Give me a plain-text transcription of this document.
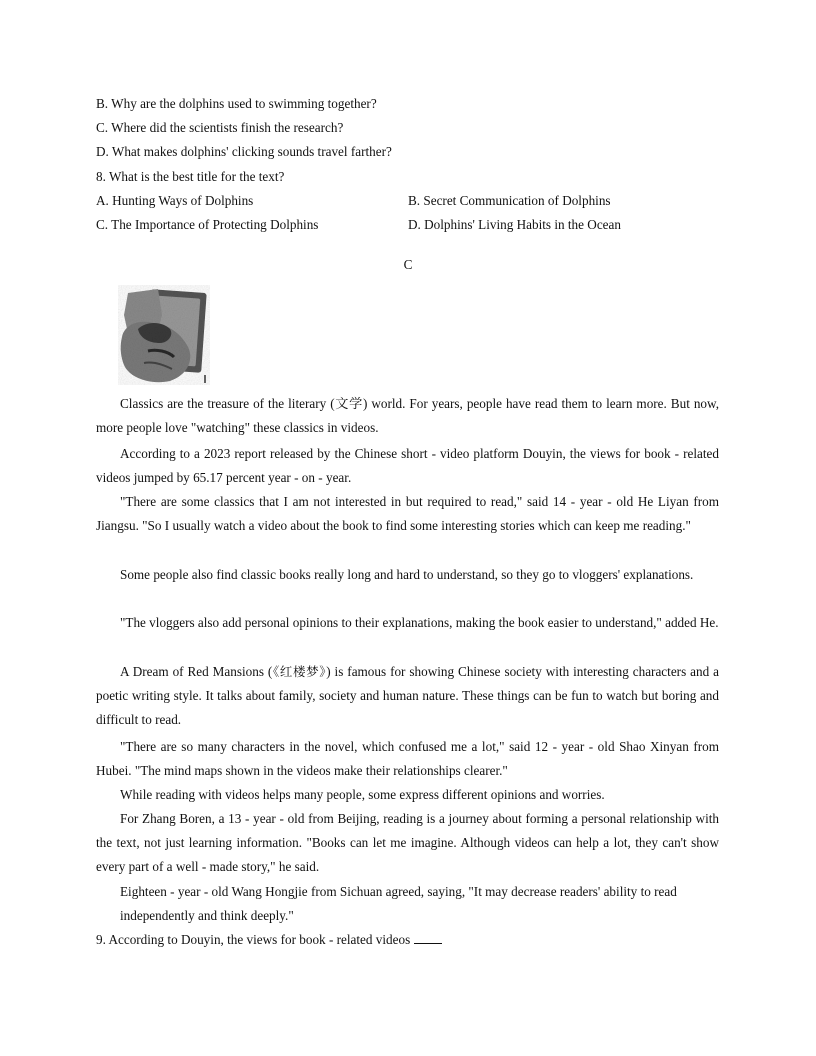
B. Why are the dolphins used to swimming together?
C. Where did the scientists finish the research?
D. What makes dolphins' clicking sounds travel farther?
8. What is the best title for the text?
A. Hunting Ways of Dolphins	B. Secret Communication of Dolphins
C. The Importance of Protecting Dolphins	D. Dolphins' Living Habits in the Ocean
C
Classics are the treasure of the literary (文学) world. For years, people have read them to learn more. But now, more people love "watching" these classics in videos.
According to a 2023 report released by the Chinese short - video platform Douyin, the views for book - related videos jumped by 65.17 percent year - on - year.
"There are some classics that I am not interested in but required to read," said 14 - year - old He Liyan from Jiangsu. "So I usually watch a video about the book to find some interesting stories which can keep me reading."
Some people also find classic books really long and hard to understand, so they go to vloggers' explanations.
"The vloggers also add personal opinions to their explanations, making the book easier to understand," added He.
A Dream of Red Mansions (《红楼梦》) is famous for showing Chinese society with interesting characters and a poetic writing style. It talks about family, society and human nature. These things can be fun to watch but boring and difficult to read.
"There are so many characters in the novel, which confused me a lot," said 12 - year - old Shao Xinyan from Hubei. "The mind maps shown in the videos make their relationships clearer."
While reading with videos helps many people, some express different opinions and worries.
For Zhang Boren, a 13 - year - old from Beijing, reading is a journey about forming a personal relationship with the text, not just learning information. "Books can let me imagine. Although videos can help a lot, they can't show every part of a well - made story," he said.
Eighteen - year - old Wang Hongjie from Sichuan agreed, saying, "It may decrease readers' ability to read
independently and think deeply."
9. According to Douyin, the views for book - related videos
